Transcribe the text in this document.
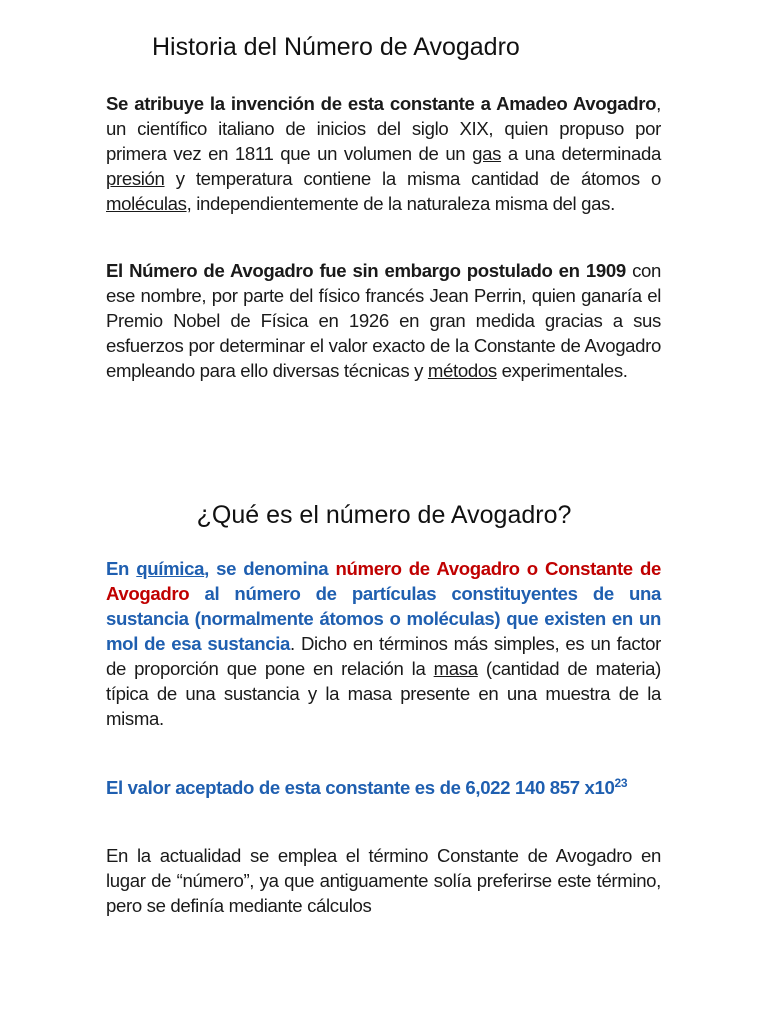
Historia del Número de Avogadro

Se atribuye la invención de esta constante a Amadeo Avogadro, un científico italiano de inicios del siglo XIX, quien propuso por primera vez en 1811 que un volumen de un gas a una determinada presión y temperatura contiene la misma cantidad de átomos o moléculas, independientemente de la naturaleza misma del gas.

El Número de Avogadro fue sin embargo postulado en 1909 con ese nombre, por parte del físico francés Jean Perrin, quien ganaría el Premio Nobel de Física en 1926 en gran medida gracias a sus esfuerzos por determinar el valor exacto de la Constante de Avogadro empleando para ello diversas técnicas y métodos experimentales.

¿Qué es el número de Avogadro?

En química, se denomina número de Avogadro o Constante de Avogadro al número de partículas constituyentes de una sustancia (normalmente átomos o moléculas) que existen en un mol de esa sustancia. Dicho en términos más simples, es un factor de proporción que pone en relación la masa (cantidad de materia) típica de una sustancia y la masa presente en una muestra de la misma.

El valor aceptado de esta constante es de 6,022 140 857 $x10^{23}$

En la actualidad se emplea el término Constante de Avogadro en lugar de “número”, ya que antiguamente solía preferirse este término, pero se definía mediante cálculos
